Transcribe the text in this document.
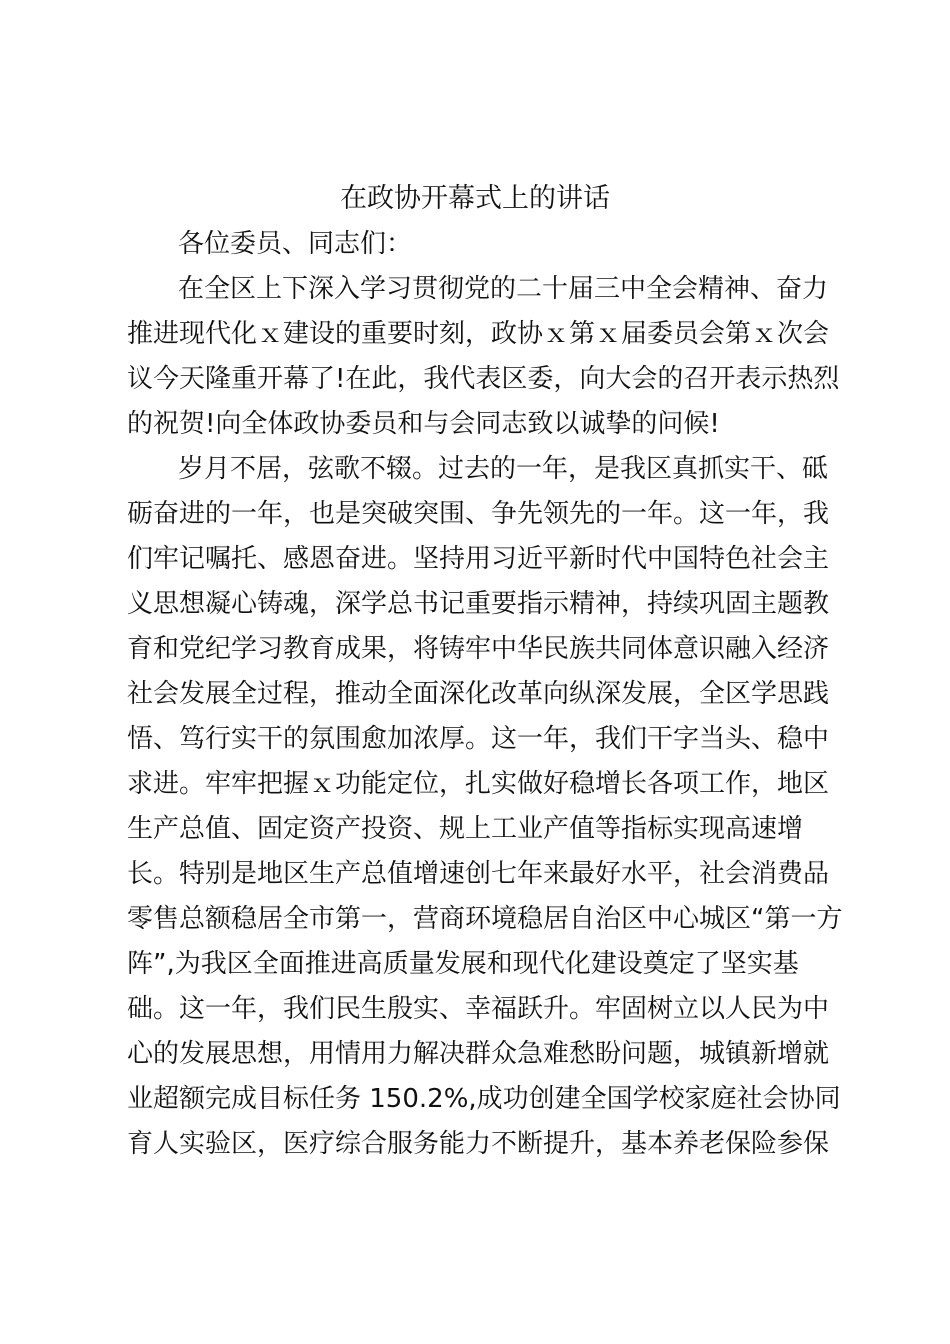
在政协开幕式上的讲话
各位委员、同志们：
在全区上下深入学习贯彻党的二十届三中全会精神、奋力
推进现代化ｘ建设的重要时刻，政协ｘ第ｘ届委员会第ｘ次会
议今天隆重开幕了!在此，我代表区委，向大会的召开表示热烈
的祝贺!向全体政协委员和与会同志致以诚挚的问候!
岁月不居，弦歌不辍。过去的一年，是我区真抓实干、砥
砺奋进的一年，也是突破突围、争先领先的一年。这一年，我
们牢记嘱托、感恩奋进。坚持用习近平新时代中国特色社会主
义思想凝心铸魂，深学总书记重要指示精神，持续巩固主题教
育和党纪学习教育成果，将铸牢中华民族共同体意识融入经济
社会发展全过程，推动全面深化改革向纵深发展，全区学思践
悟、笃行实干的氛围愈加浓厚。这一年，我们干字当头、稳中
求进。牢牢把握ｘ功能定位，扎实做好稳增长各项工作，地区
生产总值、固定资产投资、规上工业产值等指标实现高速增
长。特别是地区生产总值增速创七年来最好水平，社会消费品
零售总额稳居全市第一，营商环境稳居自治区中心城区“第一方
阵”,为我区全面推进高质量发展和现代化建设奠定了坚实基
础。这一年，我们民生殷实、幸福跃升。牢固树立以人民为中
心的发展思想，用情用力解决群众急难愁盼问题，城镇新增就
业超额完成目标任务 150.2%,成功创建全国学校家庭社会协同
育人实验区，医疗综合服务能力不断提升，基本养老保险参保
